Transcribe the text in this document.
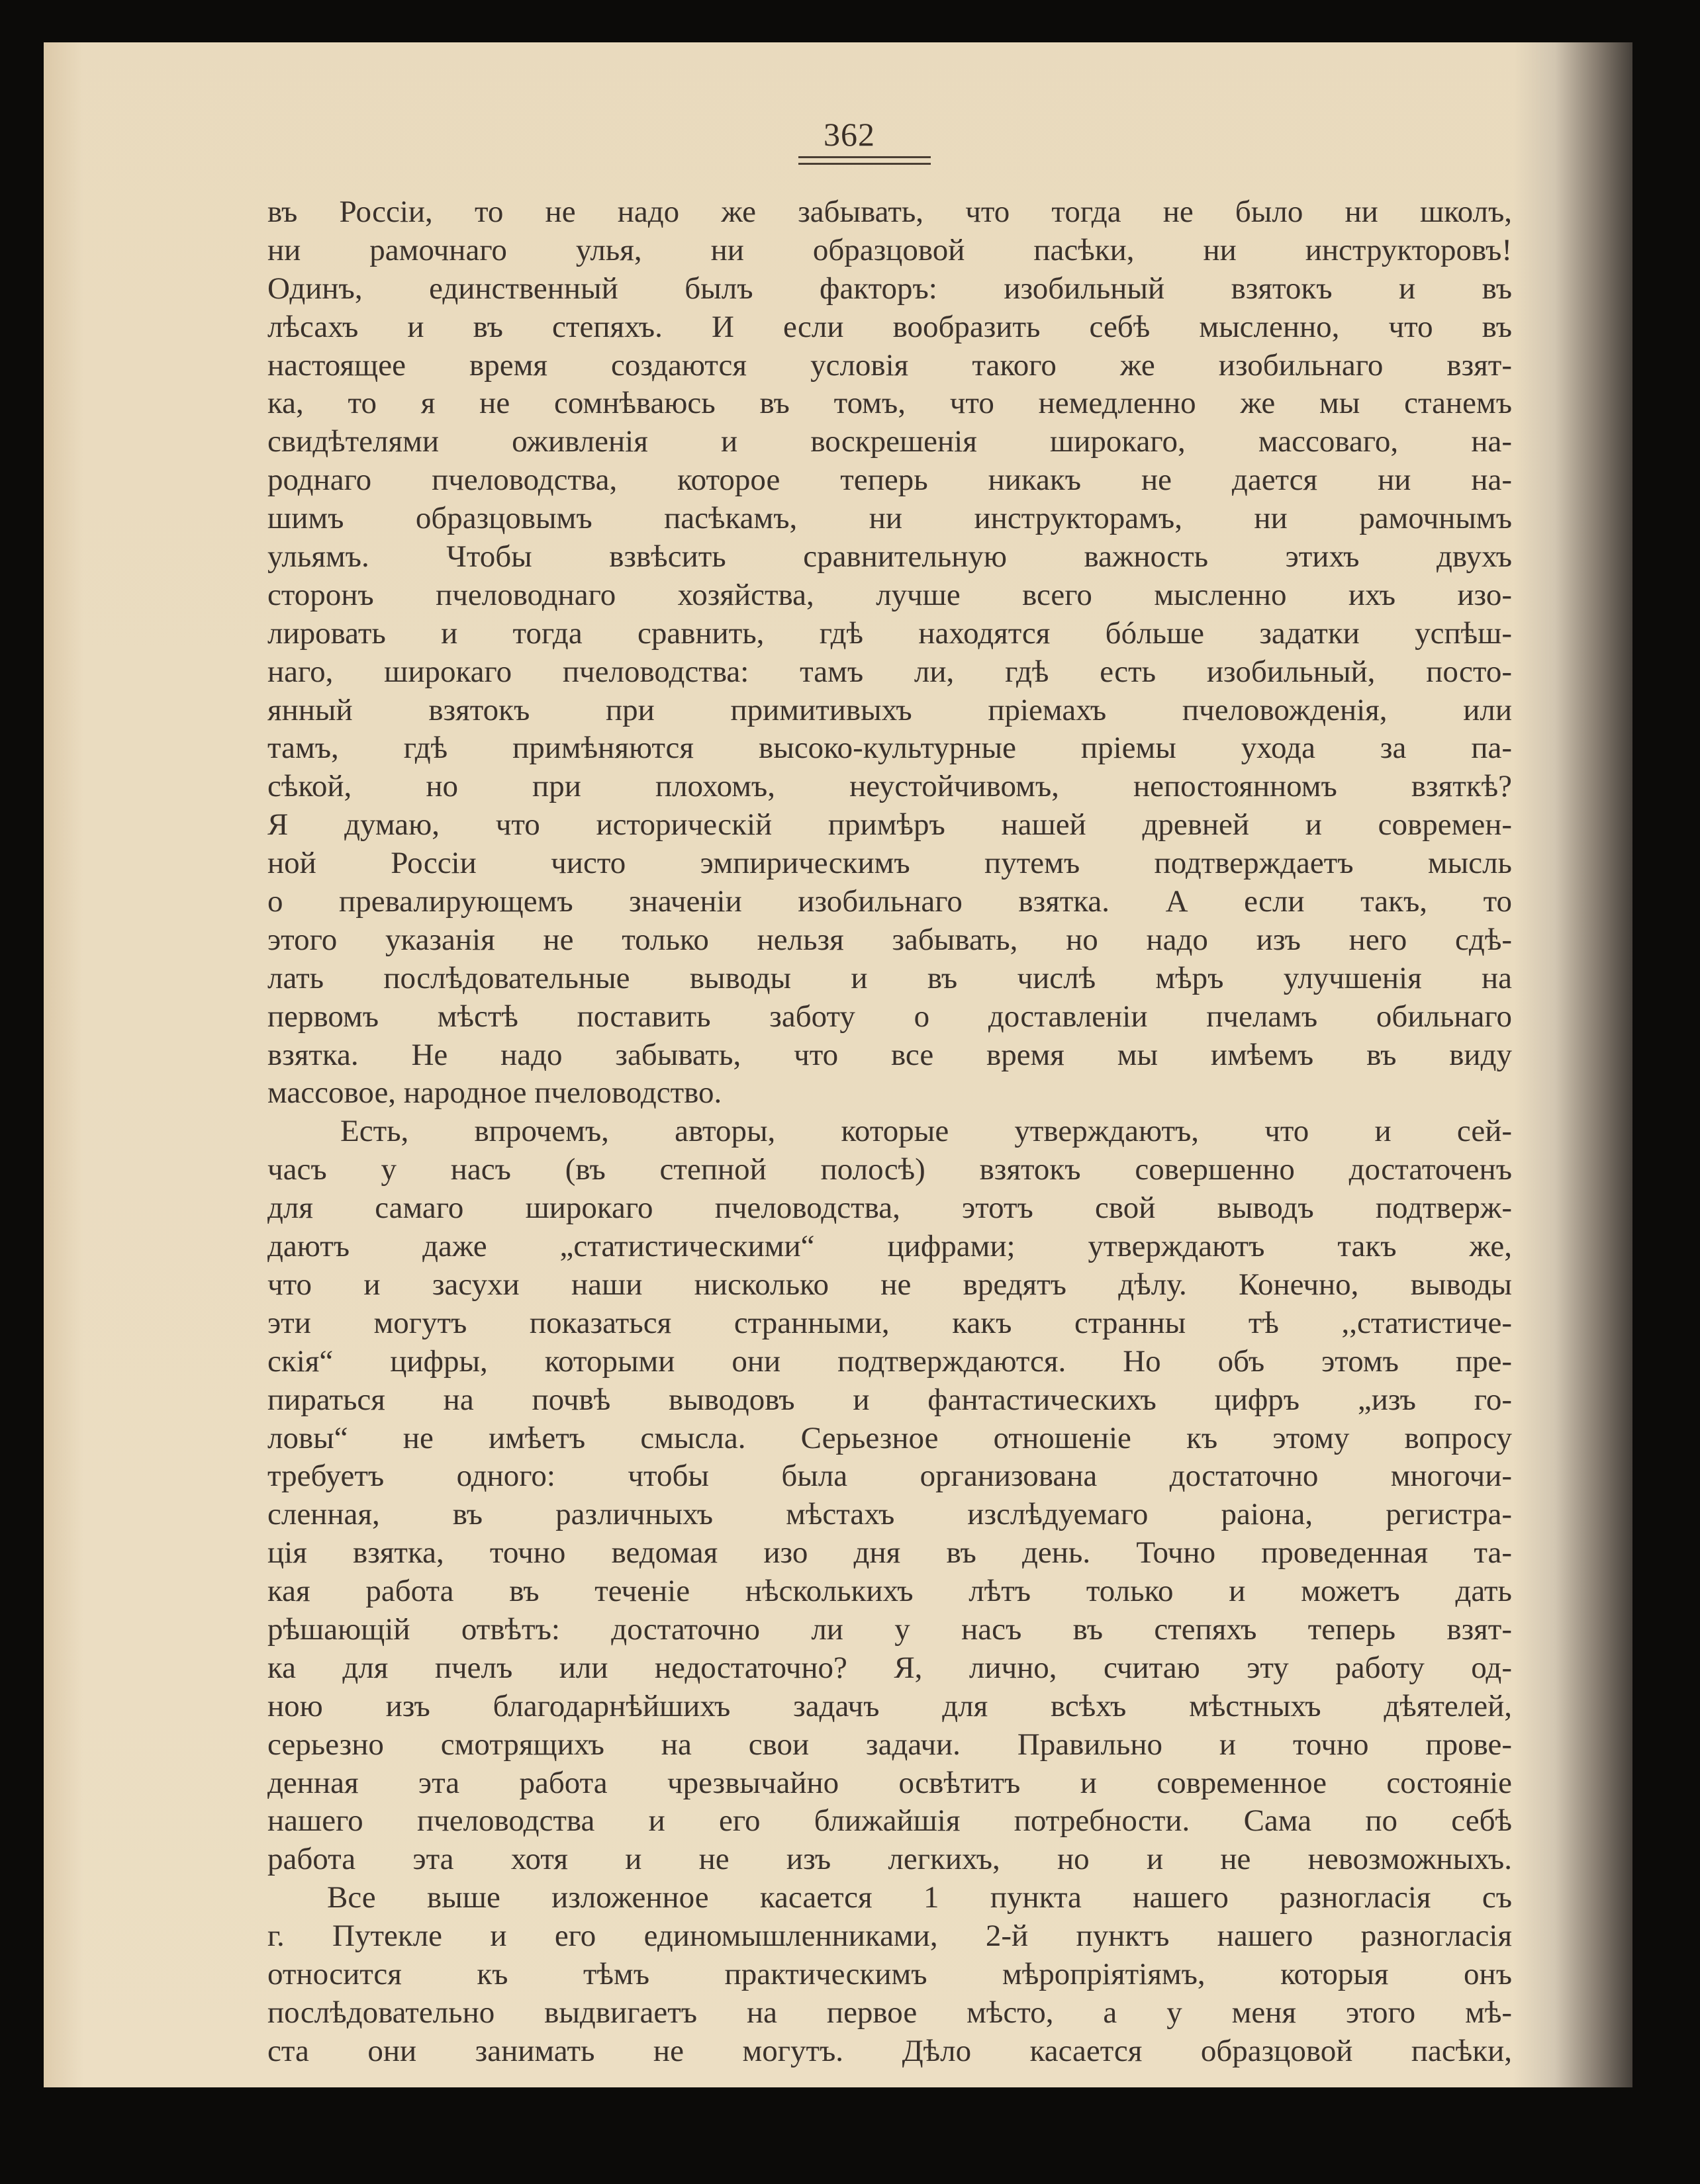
362
въ Россіи, то не надо же забывать, что тогда не было ни школъ,
ни рамочнаго улья, ни образцовой пасѣки, ни инструкторовъ!
Одинъ, единственный былъ факторъ: изобильный взятокъ и въ
лѣсахъ и въ степяхъ. И если вообразить себѣ мысленно, что въ
настоящее время создаются условія такого же изобильнаго взят-
ка, то я не сомнѣваюсь въ томъ, что немедленно же мы станемъ
свидѣтелями оживленія и воскрешенія широкаго, массоваго, на-
роднаго пчеловодства, которое теперь никакъ не дается ни на-
шимъ образцовымъ пасѣкамъ, ни инструкторамъ, ни рамочнымъ
ульямъ. Чтобы взвѣсить сравнительную важность этихъ двухъ
сторонъ пчеловоднаго хозяйства, лучше всего мысленно ихъ изо-
лировать и тогда сравнить, гдѣ находятся бóльше задатки успѣш-
наго, широкаго пчеловодства: тамъ ли, гдѣ есть изобильный, посто-
янный взятокъ при примитивыхъ пріемахъ пчеловожденія, или
тамъ, гдѣ примѣняются высоко-культурные пріемы ухода за па-
сѣкой, но при плохомъ, неустойчивомъ, непостоянномъ взяткѣ?
Я думаю, что историческій примѣръ нашей древней и современ-
ной Россіи чисто эмпирическимъ путемъ подтверждаетъ мысль
о превалирующемъ значеніи изобильнаго взятка. А если такъ, то
этого указанія не только нельзя забывать, но надо изъ него сдѣ-
лать послѣдовательные выводы и въ числѣ мѣръ улучшенія на
первомъ мѣстѣ поставить заботу о доставленіи пчеламъ обильнаго
взятка. Не надо забывать, что все время мы имѣемъ въ виду
массовое, народное пчеловодство.
Есть, впрочемъ, авторы, которые утверждаютъ, что и сей-
часъ у насъ (въ степной полосѣ) взятокъ совершенно достаточенъ
для самаго широкаго пчеловодства, этотъ свой выводъ подтверж-
даютъ даже „статистическими“ цифрами; утверждаютъ такъ же,
что и засухи наши нисколько не вредятъ дѣлу. Конечно, выводы
эти могутъ показаться странными, какъ странны тѣ ,,статистиче-
скія“ цифры, которыми они подтверждаются. Но объ этомъ пре-
пираться на почвѣ выводовъ и фантастическихъ цифръ „изъ го-
ловы“ не имѣетъ смысла. Серьезное отношеніе къ этому вопросу
требуетъ одного: чтобы была организована достаточно многочи-
сленная, въ различныхъ мѣстахъ изслѣдуемаго раіона, регистра-
ція взятка, точно ведомая изо дня въ день. Точно проведенная та-
кая работа въ теченіе нѣсколькихъ лѣтъ только и можетъ дать
рѣшающій отвѣтъ: достаточно ли у насъ въ степяхъ теперь взят-
ка для пчелъ или недостаточно? Я, лично, считаю эту работу од-
ною изъ благодарнѣйшихъ задачъ для всѣхъ мѣстныхъ дѣятелей,
серьезно смотрящихъ на свои задачи. Правильно и точно прове-
денная эта работа чрезвычайно освѣтитъ и современное состояніе
нашего пчеловодства и его ближайшія потребности. Сама по себѣ
работа эта хотя и не изъ легкихъ, но и не невозможныхъ.
Все выше изложенное касается 1 пункта нашего разногласія съ
г. Путекле и его единомышленниками, 2-й пунктъ нашего разногласія
относится къ тѣмъ практическимъ мѣропріятіямъ, которыя онъ
послѣдовательно выдвигаетъ на первое мѣсто, а у меня этого мѣ-
ста они занимать не могутъ. Дѣло касается образцовой пасѣки,
